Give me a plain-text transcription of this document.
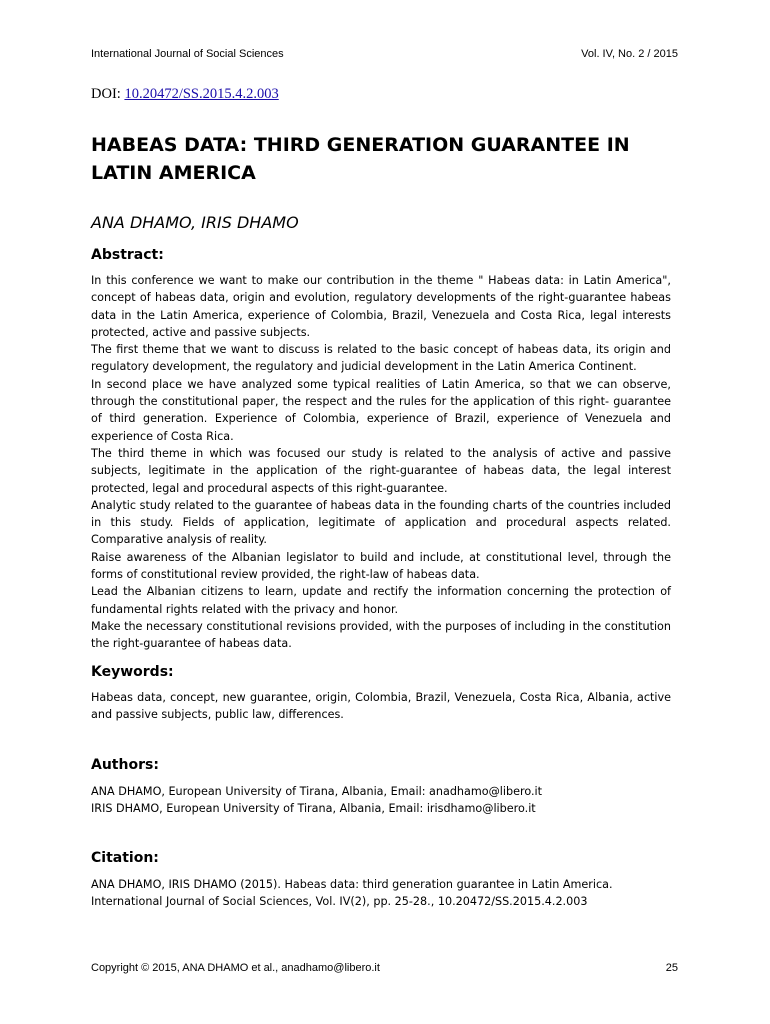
International Journal of Social Sciences	Vol. IV, No. 2 / 2015
DOI: 10.20472/SS.2015.4.2.003
HABEAS DATA: THIRD GENERATION GUARANTEE IN LATIN AMERICA
ANA DHAMO, IRIS DHAMO
Abstract:

In this conference we want to make our contribution in the theme " Habeas data: in Latin America", concept of habeas data, origin and evolution, regulatory developments of the right-guarantee habeas data in the Latin America, experience of Colombia, Brazil, Venezuela and Costa Rica, legal interests protected, active and passive subjects.

The first theme that we want to discuss is related to the basic concept of habeas data, its origin and regulatory development, the regulatory and judicial development in the Latin America Continent.

In second place we have analyzed some typical realities of Latin America, so that we can observe, through the constitutional paper, the respect and the rules for the application of this right- guarantee of third generation. Experience of Colombia, experience of Brazil, experience of Venezuela and experience of Costa Rica.

The third theme in which was focused our study is related to the analysis of active and passive subjects, legitimate in the application of the right-guarantee of habeas data, the legal interest protected, legal and procedural aspects of this right-guarantee.

Analytic study related to the guarantee of habeas data in the founding charts of the countries included in this study. Fields of application, legitimate of application and procedural aspects related. Comparative analysis of reality.

Raise awareness of the Albanian legislator to build and include, at constitutional level, through the forms of constitutional review provided, the right-law of habeas data.

Lead the Albanian citizens to learn, update and rectify the information concerning the protection of fundamental rights related with the privacy and honor.

Make the necessary constitutional revisions provided, with the purposes of including in the constitution the right-guarantee of habeas data.

Keywords:

Habeas data, concept, new guarantee, origin, Colombia, Brazil, Venezuela, Costa Rica, Albania, active and passive subjects, public law, differences.

Authors:

ANA DHAMO, European University of Tirana, Albania, Email: anadhamo@libero.it

IRIS DHAMO, European University of Tirana, Albania, Email: irisdhamo@libero.it

Citation:

ANA DHAMO, IRIS DHAMO (2015). Habeas data: third generation guarantee in Latin America.

International Journal of Social Sciences, Vol. IV(2), pp. 25-28., 10.20472/SS.2015.4.2.003

Copyright © 2015, ANA DHAMO et al., anadhamo@libero.it	25
